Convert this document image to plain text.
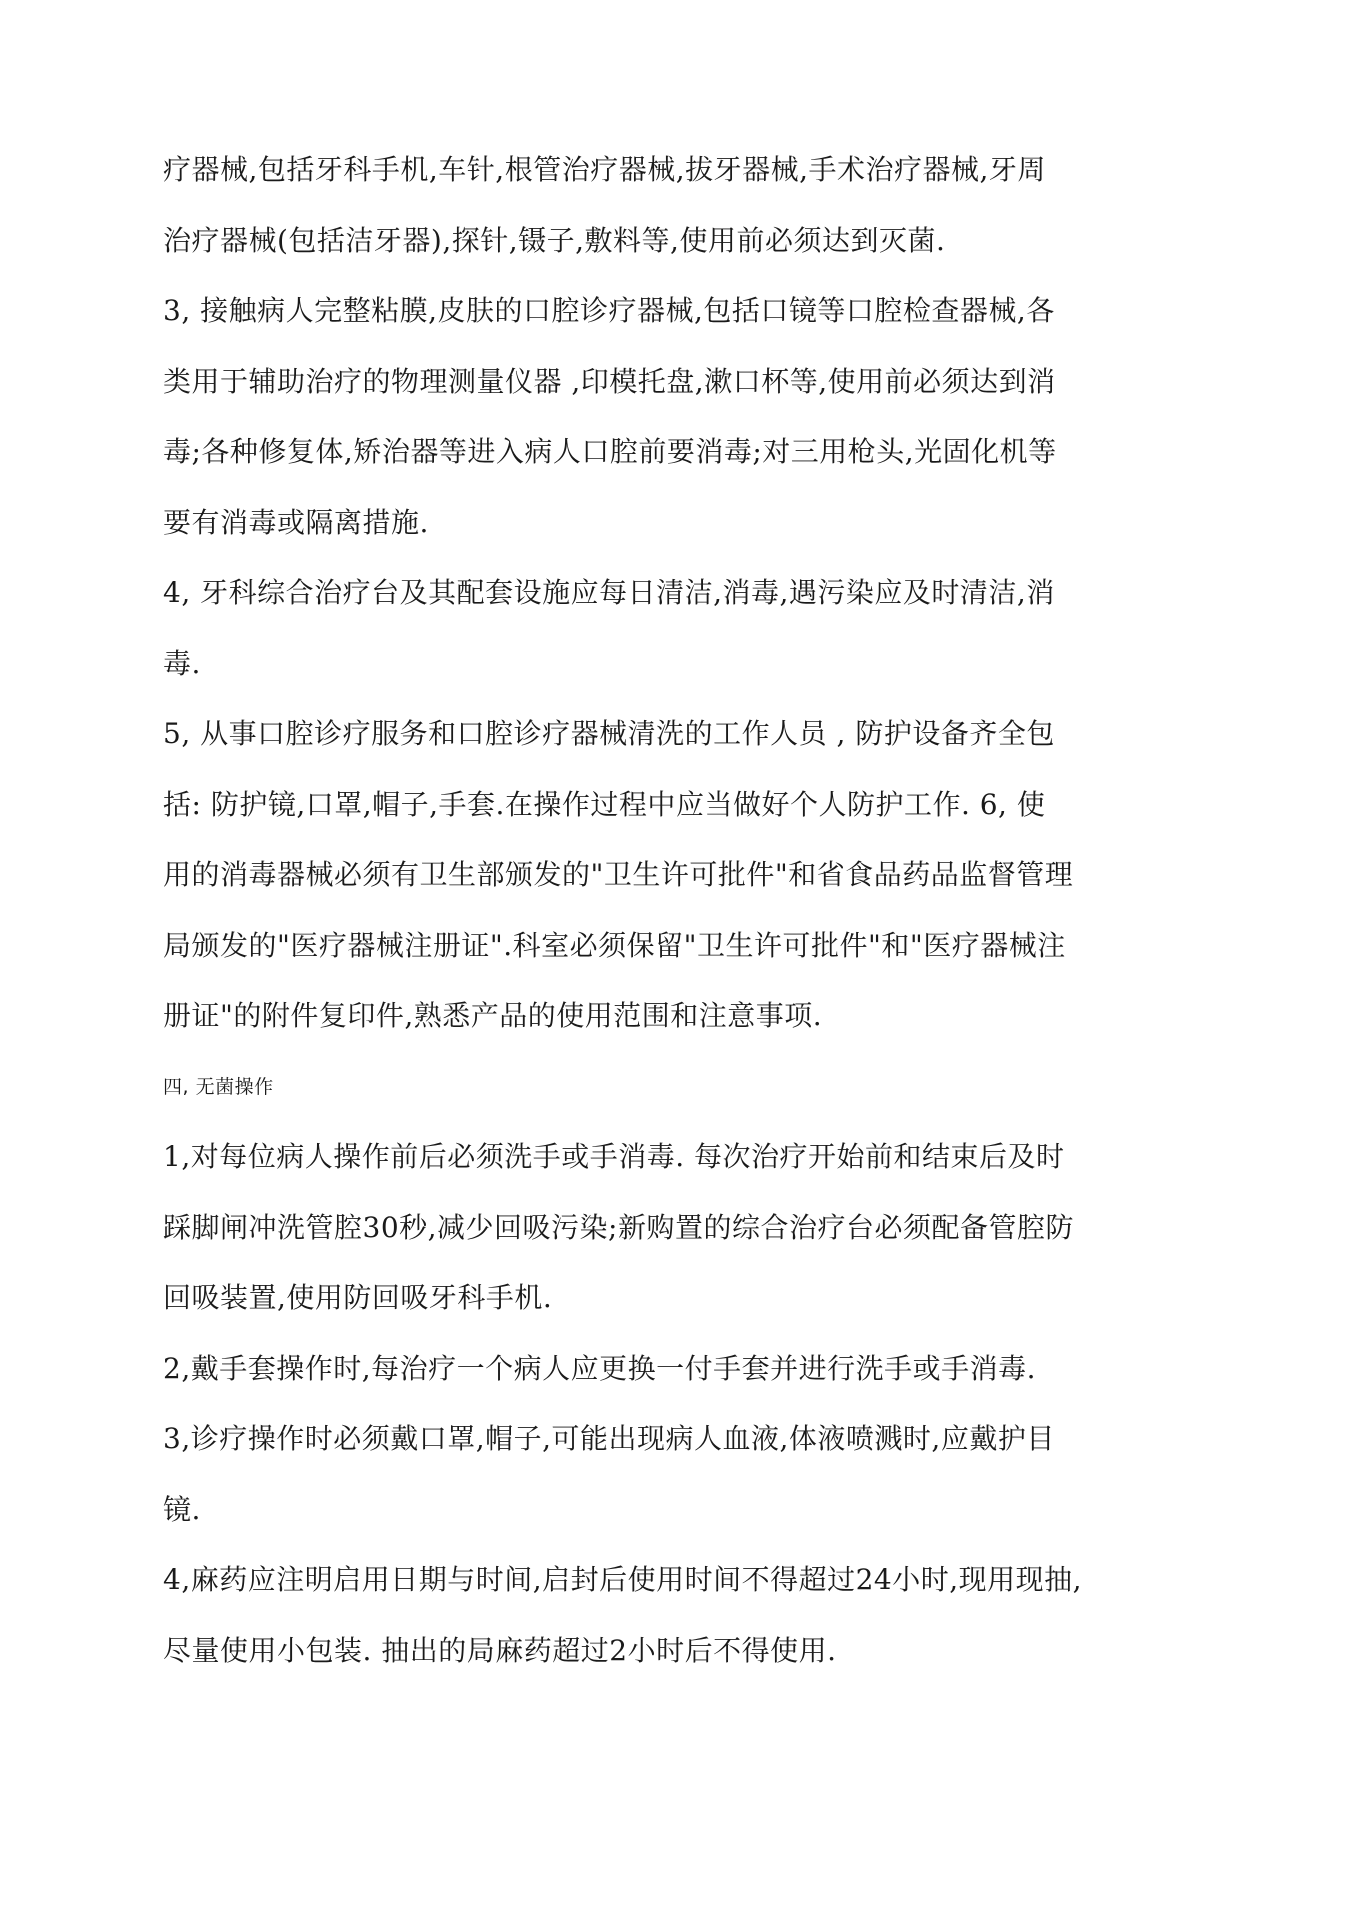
疗器械,包括牙科手机,车针,根管治疗器械,拔牙器械,手术治疗器械,牙周
治疗器械(包括洁牙器),探针,镊子,敷料等,使用前必须达到灭菌.
3, 接触病人完整粘膜,皮肤的口腔诊疗器械,包括口镜等口腔检查器械,各
类用于辅助治疗的物理测量仪器 ,印模托盘,漱口杯等,使用前必须达到消
毒;各种修复体,矫治器等进入病人口腔前要消毒;对三用枪头,光固化机等
要有消毒或隔离措施.
4, 牙科综合治疗台及其配套设施应每日清洁,消毒,遇污染应及时清洁,消
毒.
5, 从事口腔诊疗服务和口腔诊疗器械清洗的工作人员 , 防护设备齐全包
括: 防护镜,口罩,帽子,手套.在操作过程中应当做好个人防护工作. 6, 使
用的消毒器械必须有卫生部颁发的"卫生许可批件"和省食品药品监督管理
局颁发的"医疗器械注册证".科室必须保留"卫生许可批件"和"医疗器械注
册证"的附件复印件,熟悉产品的使用范围和注意事项.
四, 无菌操作
1,对每位病人操作前后必须洗手或手消毒. 每次治疗开始前和结束后及时
踩脚闸冲洗管腔30秒,减少回吸污染;新购置的综合治疗台必须配备管腔防
回吸装置,使用防回吸牙科手机.
2,戴手套操作时,每治疗一个病人应更换一付手套并进行洗手或手消毒.
3,诊疗操作时必须戴口罩,帽子,可能出现病人血液,体液喷溅时,应戴护目
镜.
4,麻药应注明启用日期与时间,启封后使用时间不得超过24小时,现用现抽,
尽量使用小包装. 抽出的局麻药超过2小时后不得使用.
